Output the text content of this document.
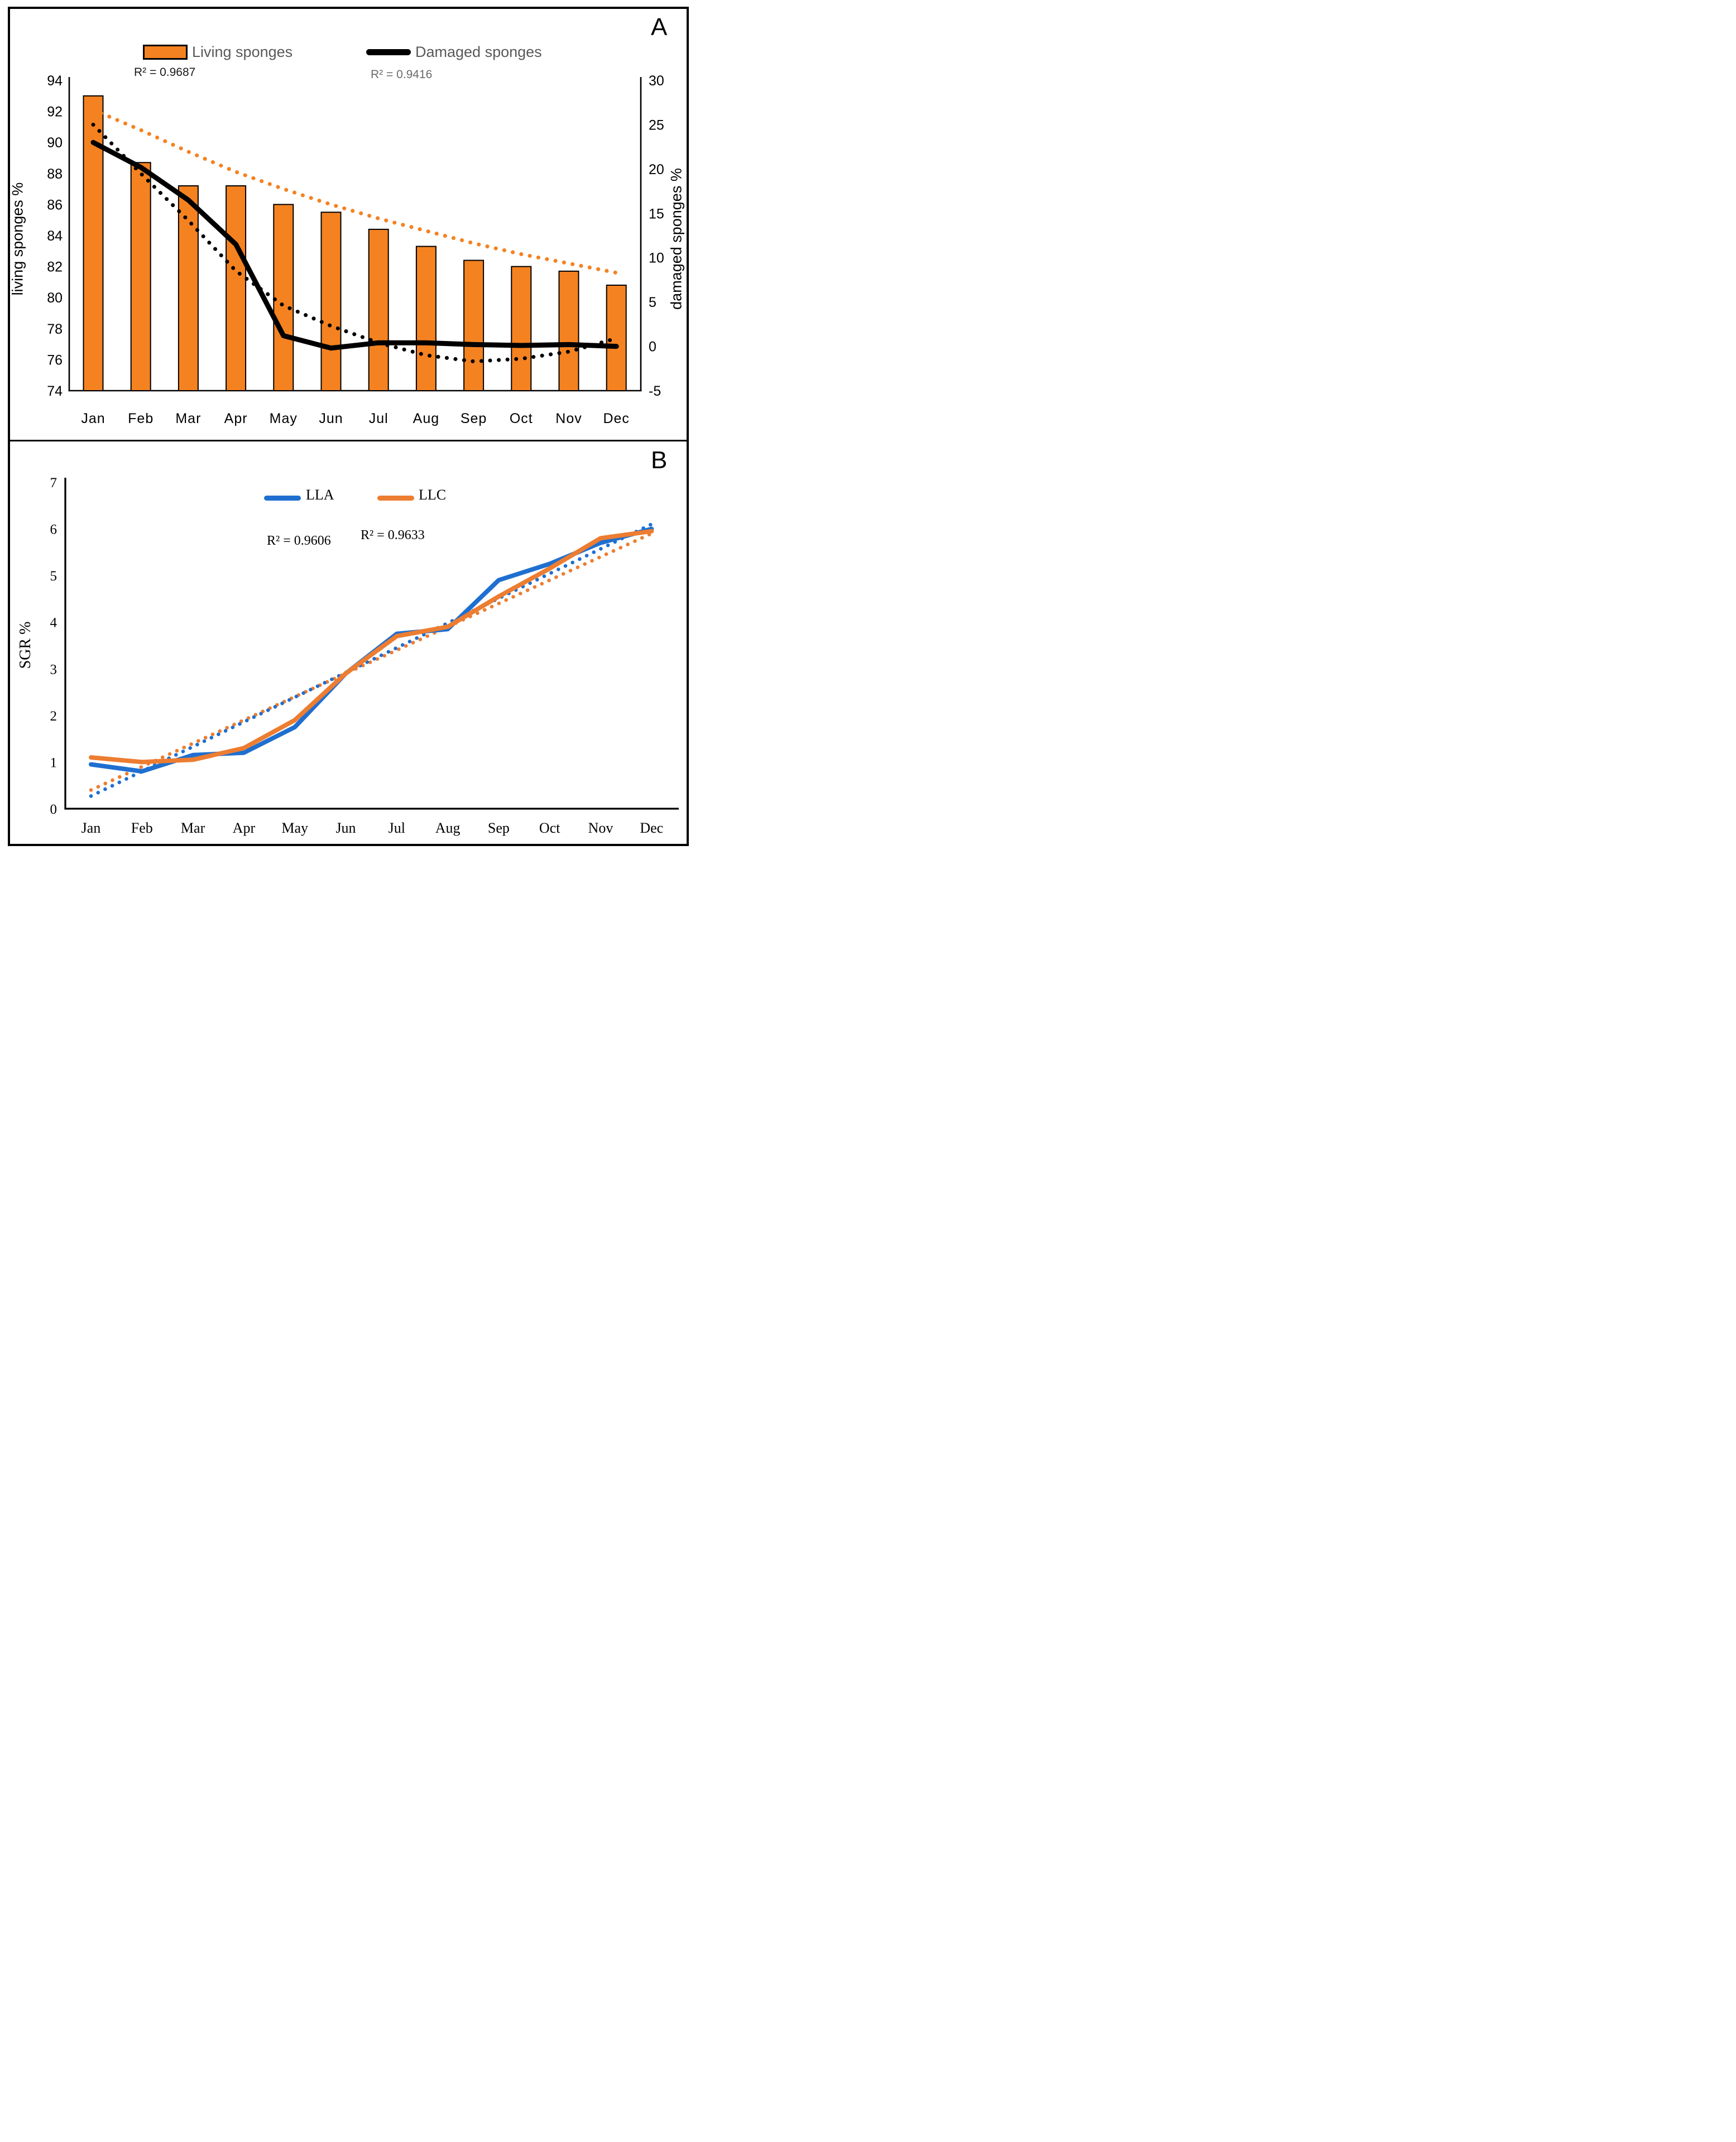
94
92
90
88
86
84
82
80
78
76
74
30
25
20
15
10
5
0
-5
Jan Feb Mar Apr May Jun Jul Aug Sep Oct Nov Dec
Living sponges
R² = 0.9687
Damaged sponges
R² = 0.9416
A
living sponges %	damaged sponges %
7
6
5
4
3
2
1
0
Jan Feb Mar Apr May Jun Jul Aug Sep Oct Nov Dec
LLA	LLC
R² = 0.9606 R² = 0.9633
B
SGR %
